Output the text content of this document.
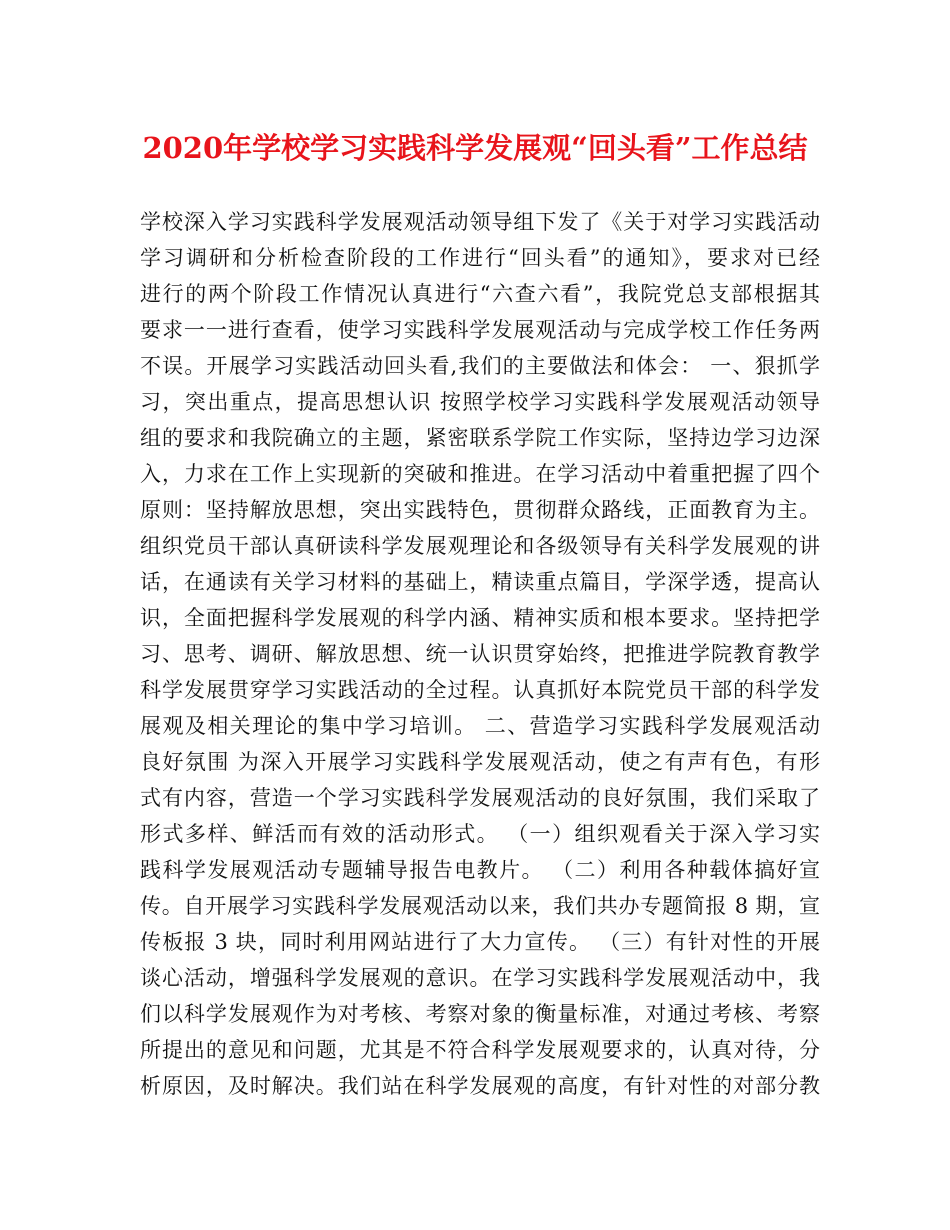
2020年学校学习实践科学发展观“回头看”工作总结
学校深入学习实践科学发展观活动领导组下发了《关于对学习实践活动
学习调研和分析检查阶段的工作进行“回头看”的通知》，要求对已经
进行的两个阶段工作情况认真进行“六查六看”，我院党总支部根据其
要求一一进行查看，使学习实践科学发展观活动与完成学校工作任务两
不误。开展学习实践活动回头看,我们的主要做法和体会： 一、狠抓学
习，突出重点，提高思想认识 按照学校学习实践科学发展观活动领导
组的要求和我院确立的主题，紧密联系学院工作实际，坚持边学习边深
入，力求在工作上实现新的突破和推进。在学习活动中着重把握了四个
原则：坚持解放思想，突出实践特色，贯彻群众路线，正面教育为主。
组织党员干部认真研读科学发展观理论和各级领导有关科学发展观的讲
话，在通读有关学习材料的基础上，精读重点篇目，学深学透，提高认
识，全面把握科学发展观的科学内涵、精神实质和根本要求。坚持把学
习、思考、调研、解放思想、统一认识贯穿始终，把推进学院教育教学
科学发展贯穿学习实践活动的全过程。认真抓好本院党员干部的科学发
展观及相关理论的集中学习培训。 二、营造学习实践科学发展观活动
良好氛围 为深入开展学习实践科学发展观活动，使之有声有色，有形
式有内容，营造一个学习实践科学发展观活动的良好氛围，我们采取了
形式多样、鲜活而有效的活动形式。 （一）组织观看关于深入学习实
践科学发展观活动专题辅导报告电教片。 （二）利用各种载体搞好宣
传。自开展学习实践科学发展观活动以来，我们共办专题简报 8 期，宣
传板报 3 块，同时利用网站进行了大力宣传。 （三）有针对性的开展
谈心活动，增强科学发展观的意识。在学习实践科学发展观活动中，我
们以科学发展观作为对考核、考察对象的衡量标准，对通过考核、考察
所提出的意见和问题，尤其是不符合科学发展观要求的，认真对待，分
析原因，及时解决。我们站在科学发展观的高度，有针对性的对部分教
